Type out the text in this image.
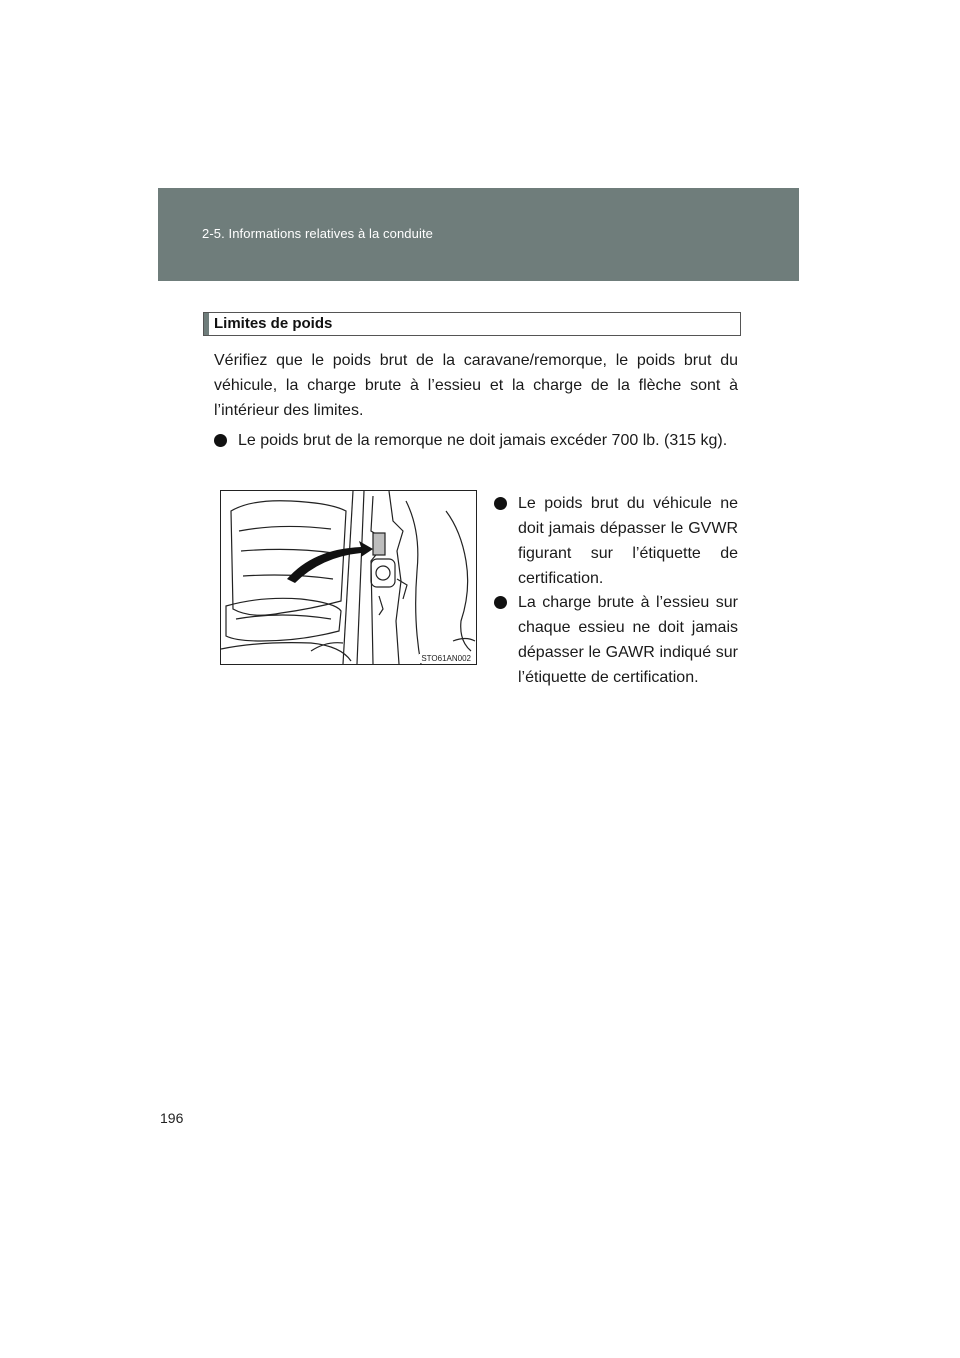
2-5. Informations relatives à la conduite
Limites de poids
Vérifiez que le poids brut de la caravane/remorque, le poids brut du véhicule, la charge brute à l’essieu et la charge de la flèche sont à l’intérieur des limites.
Le poids brut de la remorque ne doit jamais excéder 700 lb. (315 kg).
STO61AN002
Le poids brut du véhicule ne doit jamais dépasser le GVWR figurant sur l’étiquette de certification.
La charge brute à l’essieu sur chaque essieu ne doit jamais dépasser le GAWR indiqué sur l’étiquette de certification.
196
